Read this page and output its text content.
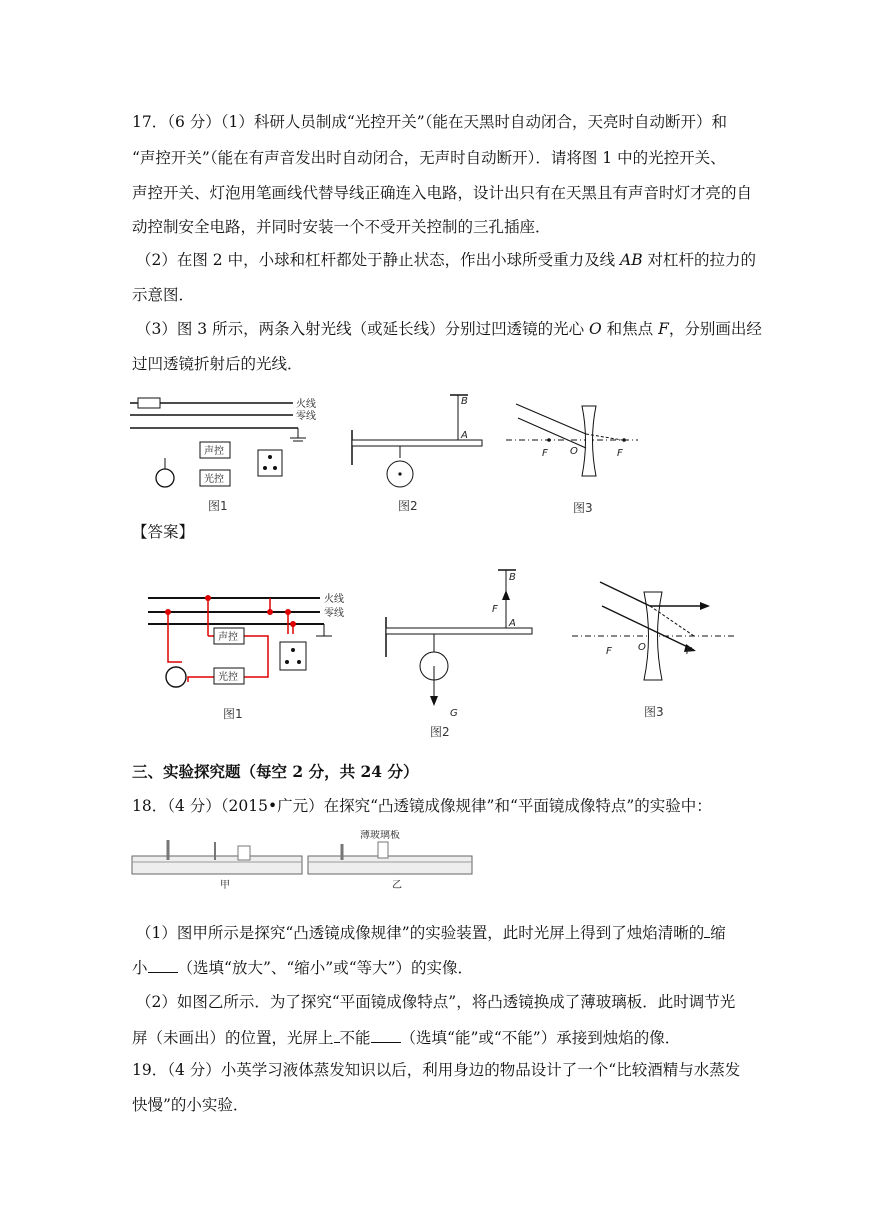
17．（6 分）（1）科研人员制成“光控开关”（能在天黑时自动闭合，天亮时自动断开）和
“声控开关”（能在有声音发出时自动闭合，无声时自动断开）．请将图 1 中的光控开关、
声控开关、灯泡用笔画线代替导线正确连入电路，设计出只有在天黑且有声音时灯才亮的自
动控制安全电路，并同时安装一个不受开关控制的三孔插座．
（2）在图 2 中，小球和杠杆都处于静止状态，作出小球所受重力及线 AB 对杠杆的拉力的
示意图．
（3）图 3 所示，两条入射光线（或延长线）分别过凹透镜的光心 O 和焦点 F，分别画出经
过凹透镜折射后的光线．
火线
零线
声控
光控
图1
B
A
图2
F O	F
图3
【答案】
火线
零线
声控
光控
图1
F
B
A
G
图2
F	O	F
图3
三、实验探究题（每空 2 分，共 24 分）
18．（4 分）（2015•广元）在探究“凸透镜成像规律”和“平面镜成像特点”的实验中：
甲
薄玻璃板
乙
（1）图甲所示是探究“凸透镜成像规律”的实验装置，此时光屏上得到了烛焰清晰的 缩
小 （选填“放大”、“缩小”或“等大”）的实像．
（2）如图乙所示．为了探究“平面镜成像特点”，将凸透镜换成了薄玻璃板．此时调节光
屏（未画出）的位置，光屏上 不能 （选填“能”或“不能”）承接到烛焰的像．
19．（4 分）小英学习液体蒸发知识以后，利用身边的物品设计了一个“比较酒精与水蒸发
快慢”的小实验．
